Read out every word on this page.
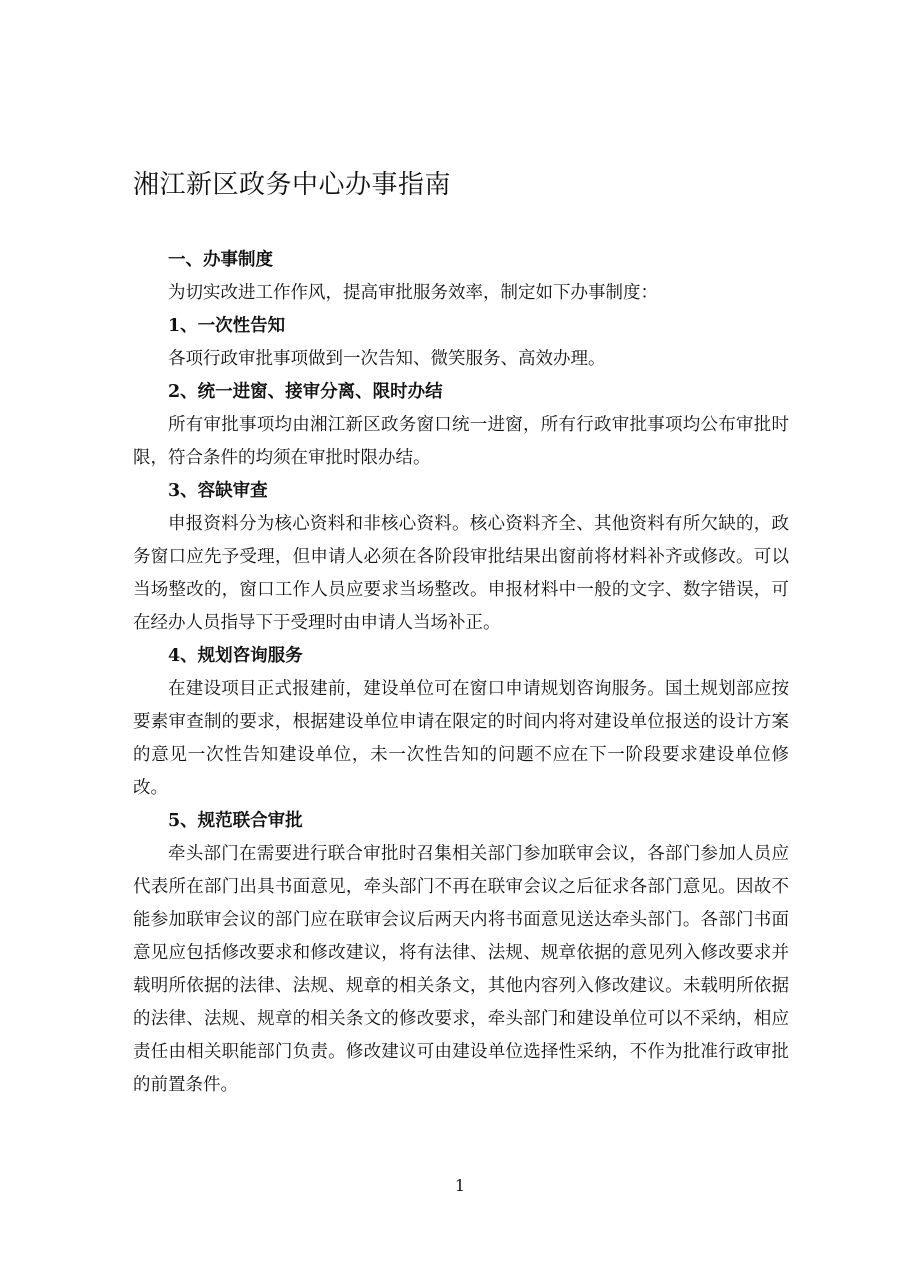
湘江新区政务中心办事指南
一、办事制度

为切实改进工作作风，提高审批服务效率，制定如下办事制度：

1、一次性告知

各项行政审批事项做到一次告知、微笑服务、高效办理。

2、统一进窗、接审分离、限时办结

所有审批事项均由湘江新区政务窗口统一进窗，所有行政审批事项均公布审批时限，符合条件的均须在审批时限办结。

3、容缺审查

申报资料分为核心资料和非核心资料。核心资料齐全、其他资料有所欠缺的，政务窗口应先予受理，但申请人必须在各阶段审批结果出窗前将材料补齐或修改。可以当场整改的，窗口工作人员应要求当场整改。申报材料中一般的文字、数字错误，可在经办人员指导下于受理时由申请人当场补正。

4、规划咨询服务

在建设项目正式报建前，建设单位可在窗口申请规划咨询服务。国土规划部应按要素审查制的要求，根据建设单位申请在限定的时间内将对建设单位报送的设计方案的意见一次性告知建设单位，未一次性告知的问题不应在下一阶段要求建设单位修改。

5、规范联合审批

牵头部门在需要进行联合审批时召集相关部门参加联审会议，各部门参加人员应代表所在部门出具书面意见，牵头部门不再在联审会议之后征求各部门意见。因故不能参加联审会议的部门应在联审会议后两天内将书面意见送达牵头部门。各部门书面意见应包括修改要求和修改建议，将有法律、法规、规章依据的意见列入修改要求并载明所依据的法律、法规、规章的相关条文，其他内容列入修改建议。未载明所依据的法律、法规、规章的相关条文的修改要求，牵头部门和建设单位可以不采纳，相应责任由相关职能部门负责。修改建议可由建设单位选择性采纳，不作为批准行政审批的前置条件。

1
